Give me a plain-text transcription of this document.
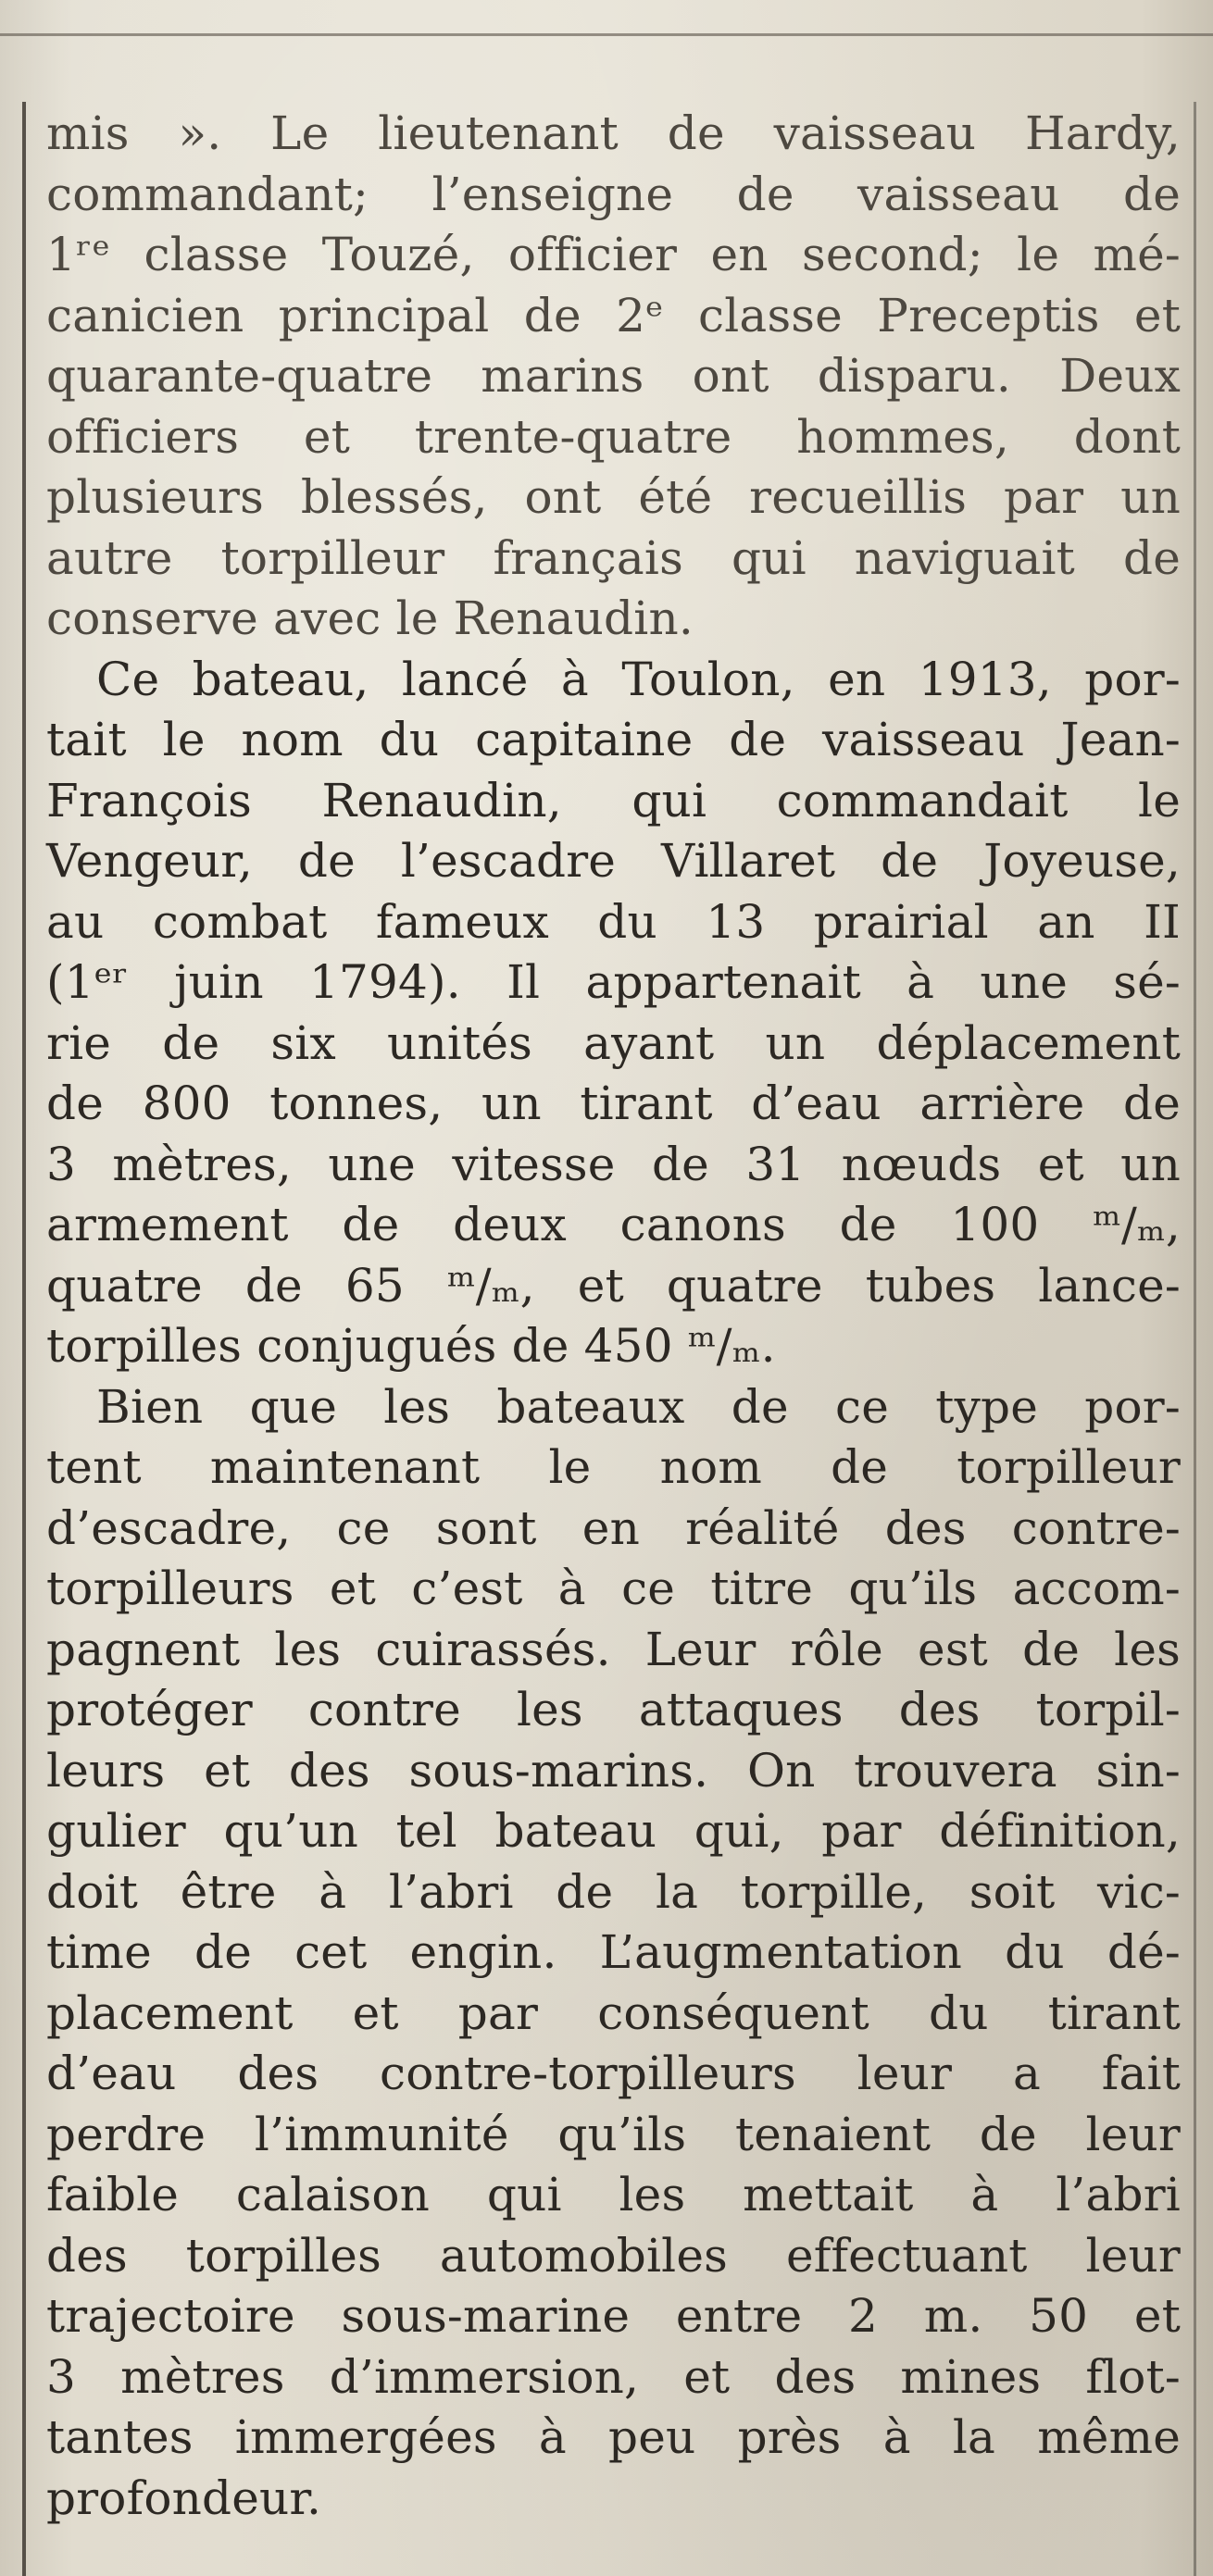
mis ». Le lieutenant de vaisseau Hardy,
commandant; l’enseigne de vaisseau de
1ʳᵉ classe Touzé, officier en second; le mé-
canicien principal de 2ᵉ classe Preceptis et
quarante-quatre marins ont disparu. Deux
officiers et trente-quatre hommes, dont
plusieurs blessés, ont été recueillis par un
autre torpilleur français qui naviguait de
conserve avec le Renaudin.
Ce bateau, lancé à Toulon, en 1913, por-
tait le nom du capitaine de vaisseau Jean-
François Renaudin, qui commandait le
Vengeur, de l’escadre Villaret de Joyeuse,
au combat fameux du 13 prairial an II
(1ᵉʳ juin 1794). Il appartenait à une sé-
rie de six unités ayant un déplacement
de 800 tonnes, un tirant d’eau arrière de
3 mètres, une vitesse de 31 nœuds et un
armement de deux canons de 100 ᵐ/ₘ,
quatre de 65 ᵐ/ₘ, et quatre tubes lance-
torpilles conjugués de 450 ᵐ/ₘ.
Bien que les bateaux de ce type por-
tent maintenant le nom de torpilleur
d’escadre, ce sont en réalité des contre-
torpilleurs et c’est à ce titre qu’ils accom-
pagnent les cuirassés. Leur rôle est de les
protéger contre les attaques des torpil-
leurs et des sous-marins. On trouvera sin-
gulier qu’un tel bateau qui, par définition,
doit être à l’abri de la torpille, soit vic-
time de cet engin. L’augmentation du dé-
placement et par conséquent du tirant
d’eau des contre-torpilleurs leur a fait
perdre l’immunité qu’ils tenaient de leur
faible calaison qui les mettait à l’abri
des torpilles automobiles effectuant leur
trajectoire sous-marine entre 2 m. 50 et
3 mètres d’immersion, et des mines flot-
tantes immergées à peu près à la même
profondeur.
